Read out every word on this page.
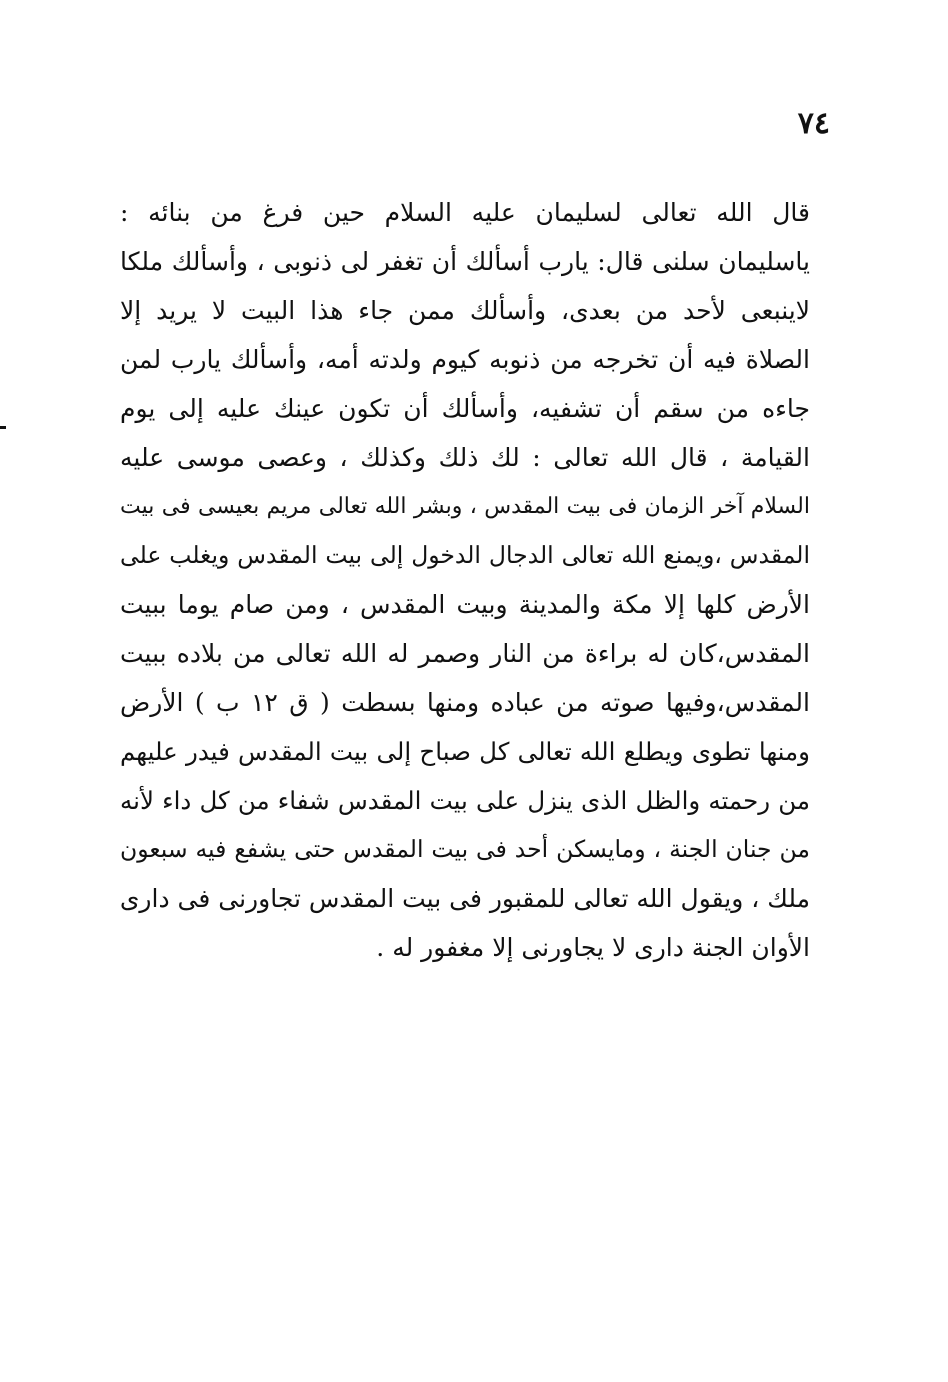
٧٤
قال الله تعالى لسليمان عليه السلام حين فرغ من بنائه :
ياسليمان سلنى قال: يارب أسألك أن تغفر لى ذنوبى ، وأسألك ملكا
لاينبعى لأحد من بعدى، وأسألك ممن جاء هذا البيت لا يريد إلا
الصلاة فيه أن تخرجه من ذنوبه كيوم ولدته أمه، وأسألك يارب لمن
جاءه من سقم أن تشفيه، وأسألك أن تكون عينك عليه إلى يوم
القيامة ، قال الله تعالى : لك ذلك وكذلك ، وعصى موسى عليه
السلام آخر الزمان فى بيت المقدس ، وبشر الله تعالى مريم بعيسى فى بيت
المقدس ،ويمنع الله تعالى الدجال الدخول إلى بيت المقدس ويغلب على
الأرض كلها إلا مكة والمدينة وبيت المقدس ، ومن صام يوما ببيت
المقدس،كان له براءة من النار وصمر له الله تعالى من بلاده ببيت
المقدس،وفيها صوته من عباده ومنها بسطت ( ق ١٢ ب ) الأرض
ومنها تطوى ويطلع الله تعالى كل صباح إلى بيت المقدس فيدر عليهم
من رحمته والظل الذى ينزل على بيت المقدس شفاء من كل داء لأنه
من جنان الجنة ، ومايسكن أحد فى بيت المقدس حتى يشفع فيه سبعون
ملك ، ويقول الله تعالى للمقبور فى بيت المقدس تجاورنى فى دارى
الأوان الجنة دارى لا يجاورنى إلا مغفور له .
